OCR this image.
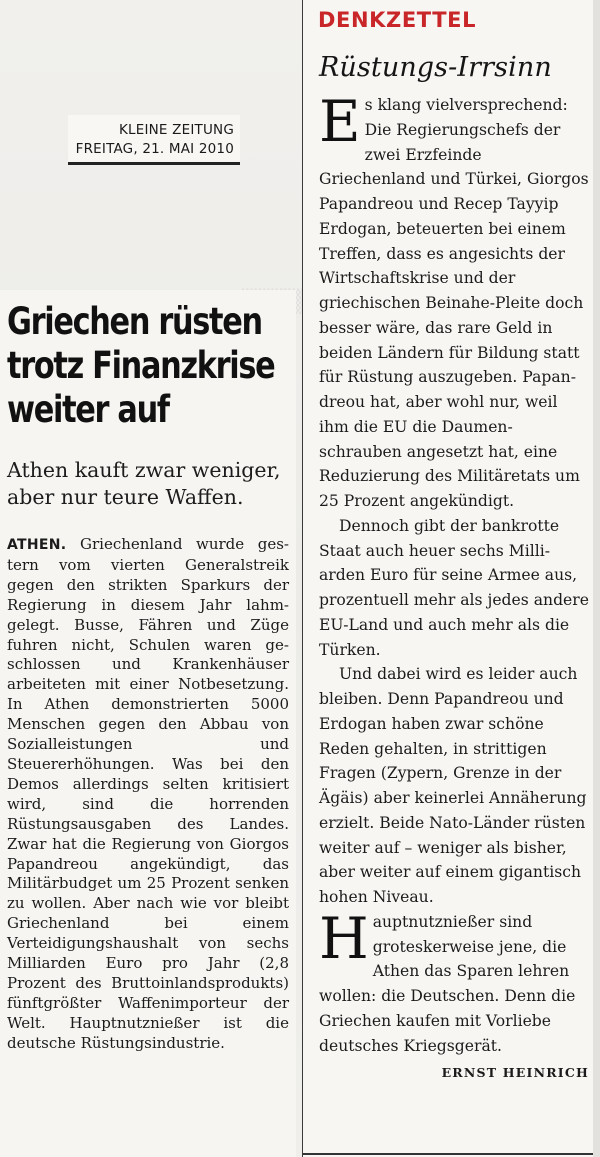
KLEINE ZEITUNG
FREITAG, 21. MAI 2010
Griechen rüsten
trotz Finanzkrise
weiter auf
Athen kauft zwar weniger, aber nur teure Waffen.
ATHEN. Griechenland wurde gestern vom vierten Generalstreik gegen den strikten Sparkurs der Regierung in diesem Jahr lahmgelegt. Busse, Fähren und Züge fuhren nicht, Schulen waren geschlossen und Krankenhäuser arbeiteten mit einer Notbesetzung. In Athen demonstrierten 5000 Menschen gegen den Abbau von Sozialleistungen und Steuererhöhungen. Was bei den Demos allerdings selten kritisiert wird, sind die horrenden Rüstungsausgaben des Landes. Zwar hat die Regierung von Giorgos Papandreou angekündigt, das Militärbudget um 25 Prozent senken zu wollen. Aber nach wie vor bleibt Griechenland bei einem Verteidigungshaushalt von sechs Milliarden Euro pro Jahr (2,8 Prozent des Bruttoinlandsprodukts) fünftgrößter Waffenimporteur der Welt. Hauptnutznießer ist die deutsche Rüstungsindustrie.
DENKZETTEL
Rüstungs-Irrsinn

Es klang vielversprechend: Die Regierungschefs der zwei Erzfeinde Griechenland und Türkei, Giorgos Papandreou und Recep Tayyip Erdogan, beteuerten bei einem Treffen, dass es angesichts der Wirtschaftskrise und der griechischen Beinahe-Pleite doch besser wäre, das rare Geld in beiden Ländern für Bildung statt für Rüstung auszugeben. Papandreou hat, aber wohl nur, weil ihm die EU die Daumenschrauben angesetzt hat, eine Reduzierung des Militäretats um 25 Prozent angekündigt.

Dennoch gibt der bankrotte Staat auch heuer sechs Milliarden Euro für seine Armee aus, prozentuell mehr als jedes andere EU-Land und auch mehr als die Türken.

Und dabei wird es leider auch bleiben. Denn Papandreou und Erdogan haben zwar schöne Reden gehalten, in strittigen Fragen (Zypern, Grenze in der Ägäis) aber keinerlei Annäherung erzielt. Beide Nato-Länder rüsten weiter auf – weniger als bisher, aber weiter auf einem gigantisch hohen Niveau.

Hauptnutznießer sind groteskerweise jene, die Athen das Sparen lehren wollen: die Deutschen. Denn die Griechen kaufen mit Vorliebe deutsches Kriegsgerät.
ERNST HEINRICH
